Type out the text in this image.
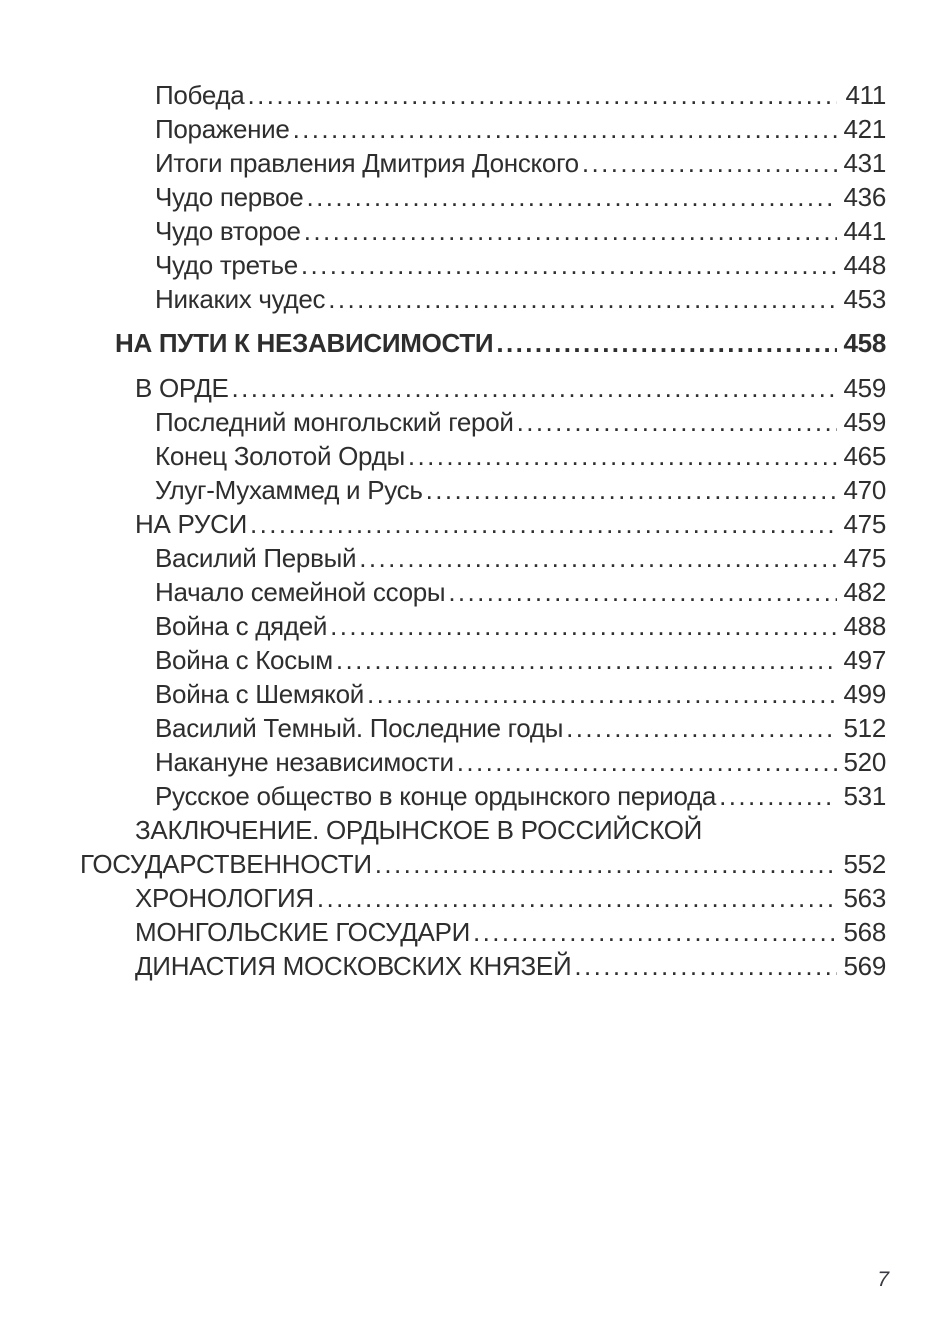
Победа .....	411
Поражение .....	421
Итоги правления Дмитрия Донского .....	431
Чудо первое .....	436
Чудо второе .....	441
Чудо третье .....	448
Никаких чудес .....	453
НА ПУТИ К НЕЗАВИСИМОСТИ .....	458
В ОРДЕ .....	459
Последний монгольский герой .....	459
Конец Золотой Орды .....	465
Улуг-Мухаммед и Русь .....	470
НА РУСИ .....	475
Василий Первый .....	475
Начало семейной ссоры .....	482
Война с дядей .....	488
Война с Косым .....	497
Война с Шемякой .....	499
Василий Темный. Последние годы .....	512
Накануне независимости .....	520
Русское общество в конце ордынского периода .....	531
ЗАКЛЮЧЕНИЕ. ОРДЫНСКОЕ В РОССИЙСКОЙ
ГОСУДАРСТВЕННОСТИ .....	552
ХРОНОЛОГИЯ .....	563
МОНГОЛЬСКИЕ ГОСУДАРИ .....	568
ДИНАСТИЯ МОСКОВСКИХ КНЯЗЕЙ .....	569
7
